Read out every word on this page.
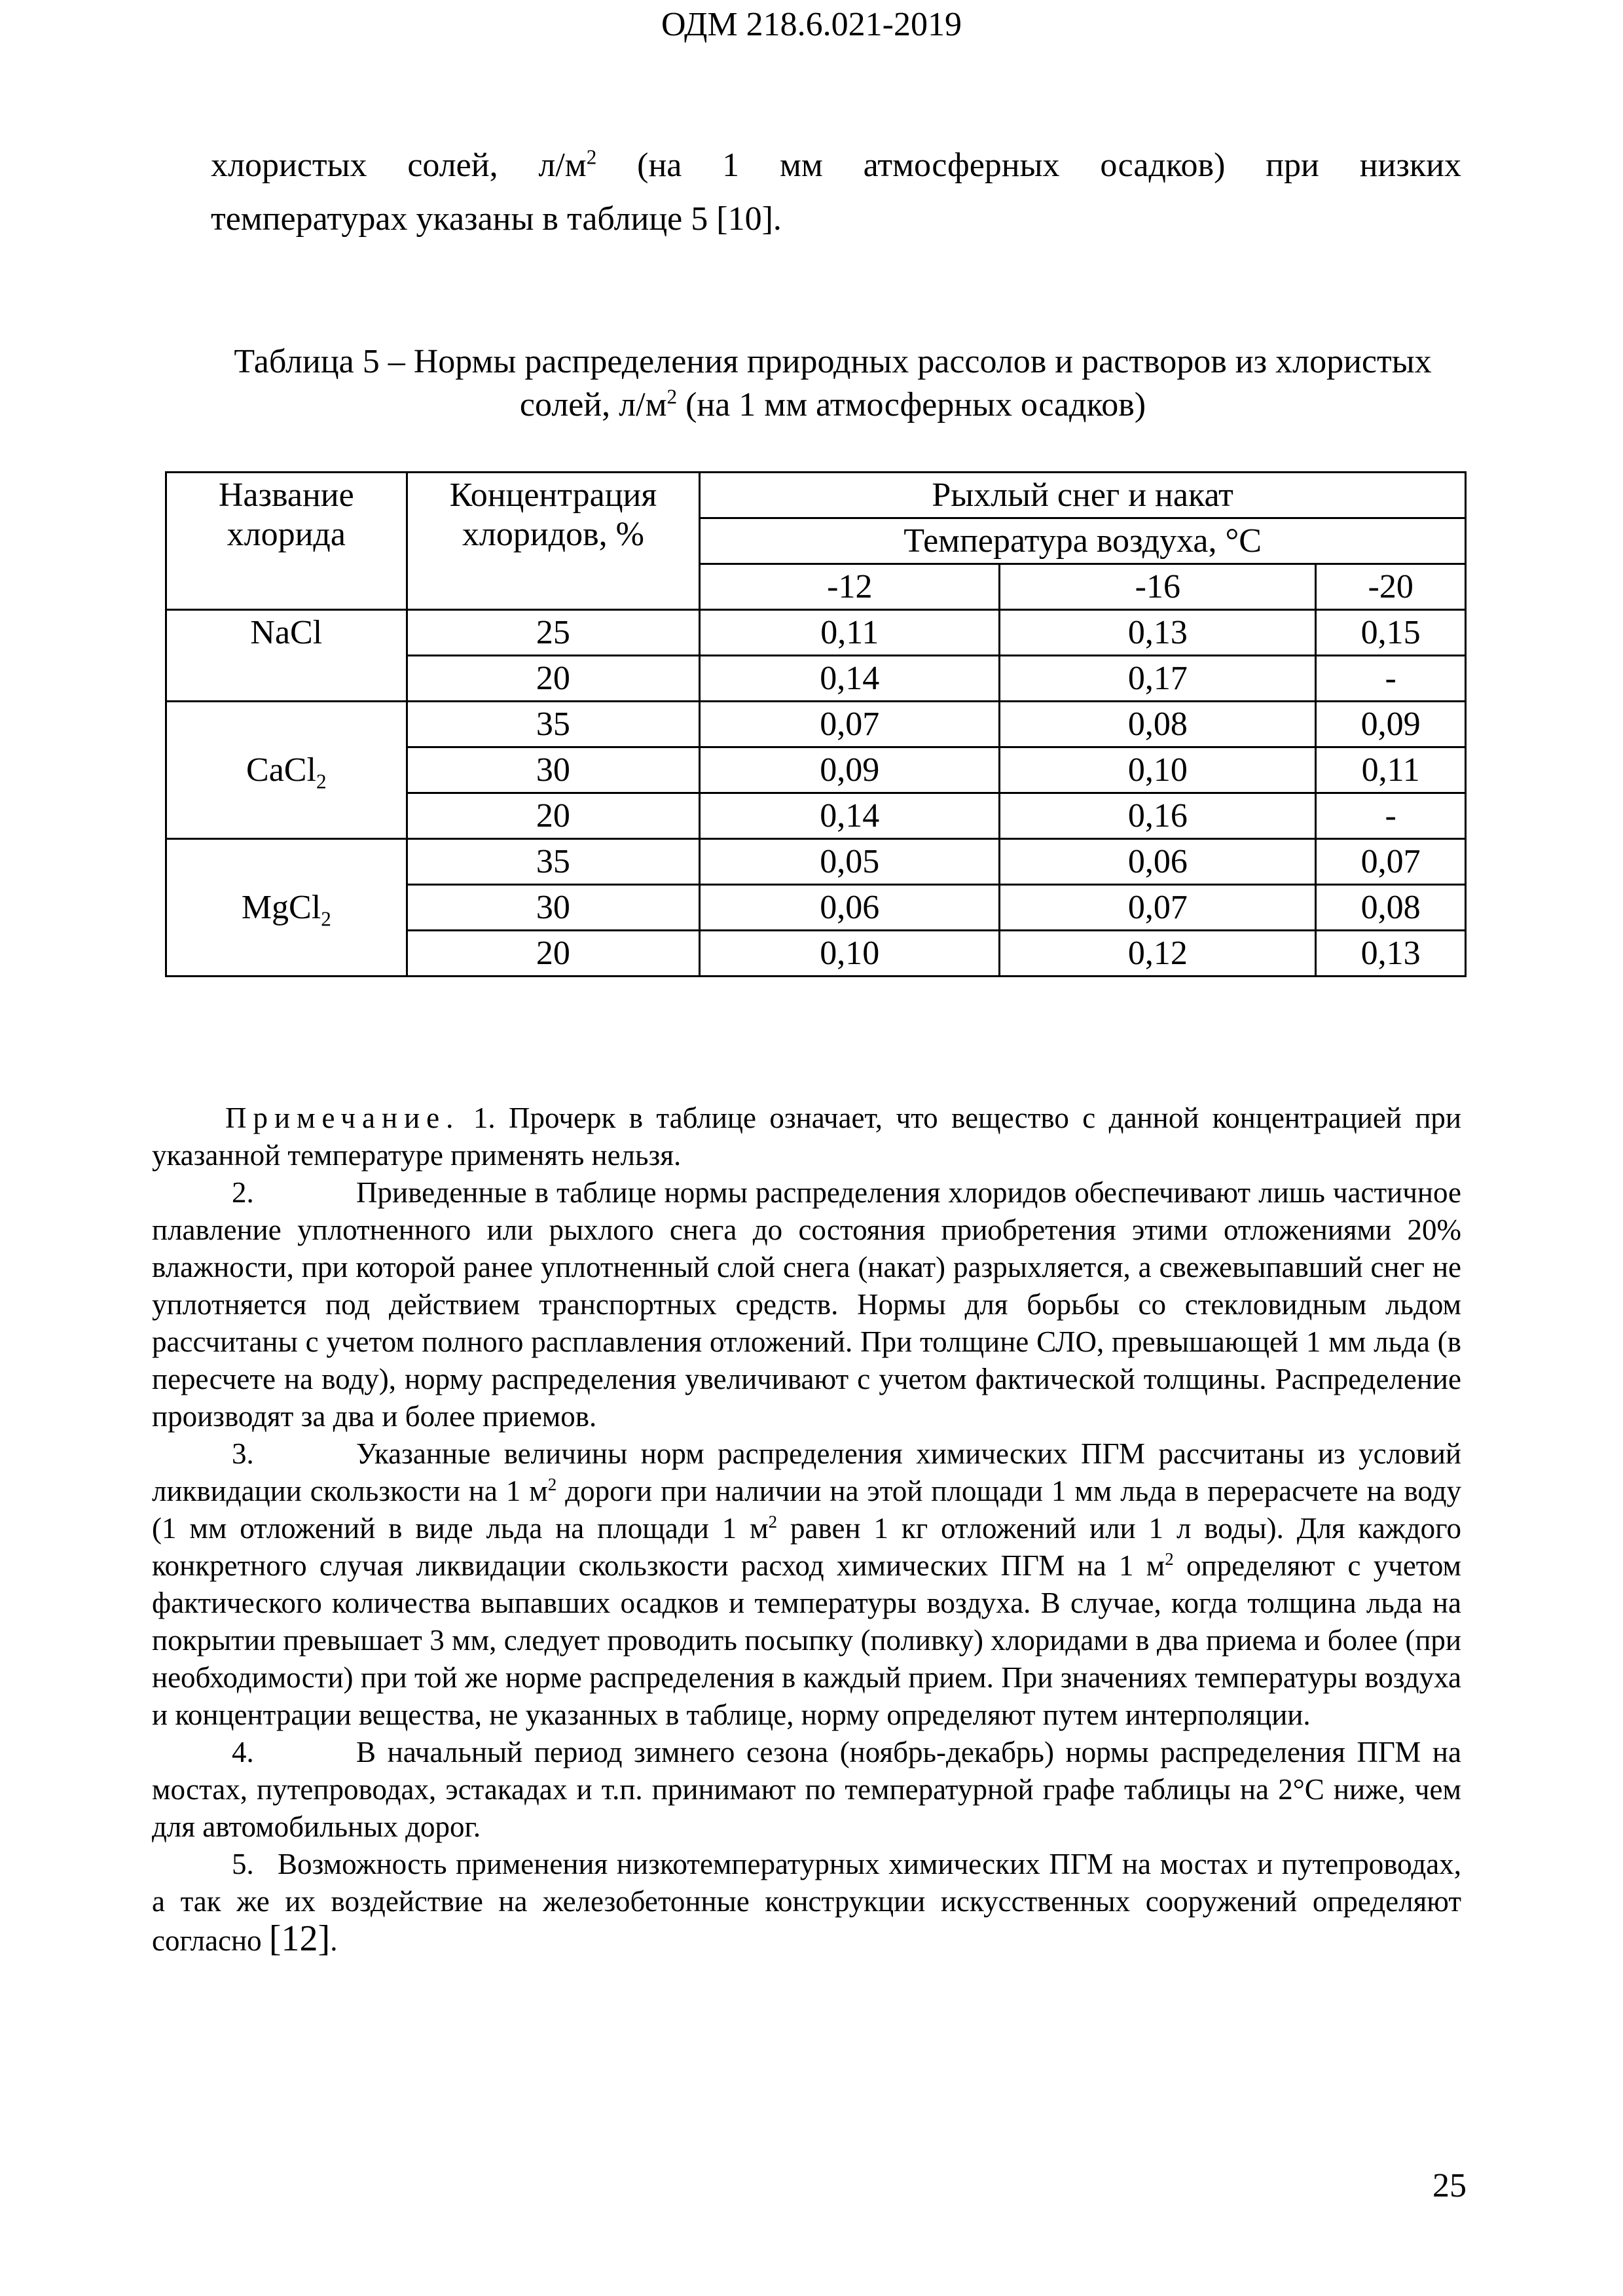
ОДМ 218.6.021-2019
хлористых солей, $л/м^2$ (на 1 мм атмосферных осадков) при низких
температурах указаны в таблице 5 [10].
Таблица 5 – Нормы распределения природных рассолов и растворов из хлористых
солей, $л/м^2$ (на 1 мм атмосферных осадков)
Название хлорида	Концентрация хлоридов, %	Рыхлый снег и накат		
		Температура воздуха, °С		
		-12	-16	-20
NaCl	25	0,11	0,13	0,15
	20	0,14	0,17	-
CaCl$_2$	35	0,07	0,08	0,09
	30	0,09	0,10	0,11
	20	0,14	0,16	-
MgCl$_2$	35	0,05	0,06	0,07
	30	0,06	0,07	0,08
	20	0,10	0,12	0,13

Примечание. 1. Прочерк в таблице означает, что вещество с данной концентрацией при указанной температуре применять нельзя.

2.	Приведенные в таблице нормы распределения хлоридов обеспечивают лишь частичное плавление уплотненного или рыхлого снега до состояния приобретения этими отложениями 20% влажности, при которой ранее уплотненный слой снега (накат) разрыхляется, а свежевыпавший снег не уплотняется под действием транспортных средств. Нормы для борьбы со стекловидным льдом рассчитаны с учетом полного расплавления отложений. При толщине СЛО, превышающей 1 мм льда (в пересчете на воду), норму распределения увеличивают с учетом фактической толщины. Распределение производят за два и более приемов.

3.	Указанные величины норм распределения химических ПГМ рассчитаны из условий ликвидации скользкости на 1 $м^2$ дороги при наличии на этой площади 1 мм льда в перерасчете на воду (1 мм отложений в виде льда на площади 1 $м^2$ равен 1 кг отложений или 1 л воды). Для каждого конкретного случая ликвидации скользкости расход химических ПГМ на 1 $м^2$ определяют с учетом фактического количества выпавших осадков и температуры воздуха. В случае, когда толщина льда на покрытии превышает 3 мм, следует проводить посыпку (поливку) хлоридами в два приема и более (при необходимости) при той же норме распределения в каждый прием. При значениях температуры воздуха и концентрации вещества, не указанных в таблице, норму определяют путем интерполяции.

4.	В начальный период зимнего сезона (ноябрь-декабрь) нормы распределения ПГМ на мостах, путепроводах, эстакадах и т.п. принимают по температурной графе таблицы на 2°С ниже, чем для автомобильных дорог.

5. Возможность применения низкотемпературных химических ПГМ на мостах и путепроводах, а так же их воздействие на железобетонные конструкции искусственных сооружений определяют согласно [12].

25
